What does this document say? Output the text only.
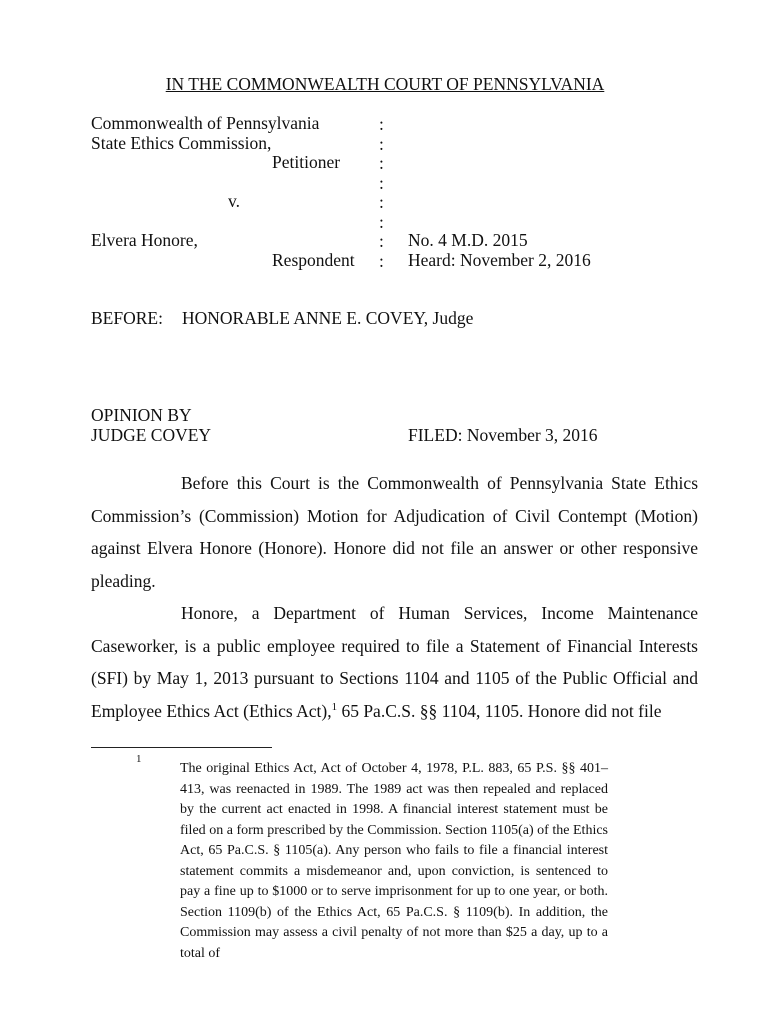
IN THE COMMONWEALTH COURT OF PENNSYLVANIA
Commonwealth of Pennsylvania
State Ethics Commission,
Petitioner
v.
Elvera Honore,
Respondent
:
:
:
:
:
:
:
:
No. 4 M.D. 2015
Heard: November 2, 2016
BEFORE: HONORABLE ANNE E. COVEY, Judge
OPINION BY
JUDGE COVEY	FILED: November 3, 2016

Before this Court is the Commonwealth of Pennsylvania State Ethics Commission’s (Commission) Motion for Adjudication of Civil Contempt (Motion) against Elvera Honore (Honore). Honore did not file an answer or other responsive pleading.

Honore, a Department of Human Services, Income Maintenance Caseworker, is a public employee required to file a Statement of Financial Interests (SFI) by May 1, 2013 pursuant to Sections 1104 and 1105 of the Public Official and Employee Ethics Act (Ethics Act),$^1$ 65 Pa.C.S. §§ 1104, 1105. Honore did not file

1

The original Ethics Act, Act of October 4, 1978, P.L. 883, 65 P.S. §§ 401–413, was reenacted in 1989. The 1989 act was then repealed and replaced by the current act enacted in 1998. A financial interest statement must be filed on a form prescribed by the Commission. Section 1105(a) of the Ethics Act, 65 Pa.C.S. § 1105(a). Any person who fails to file a financial interest statement commits a misdemeanor and, upon conviction, is sentenced to pay a fine up to $1000 or to serve imprisonment for up to one year, or both. Section 1109(b) of the Ethics Act, 65 Pa.C.S. § 1109(b). In addition, the Commission may assess a civil penalty of not more than $25 a day, up to a total of
